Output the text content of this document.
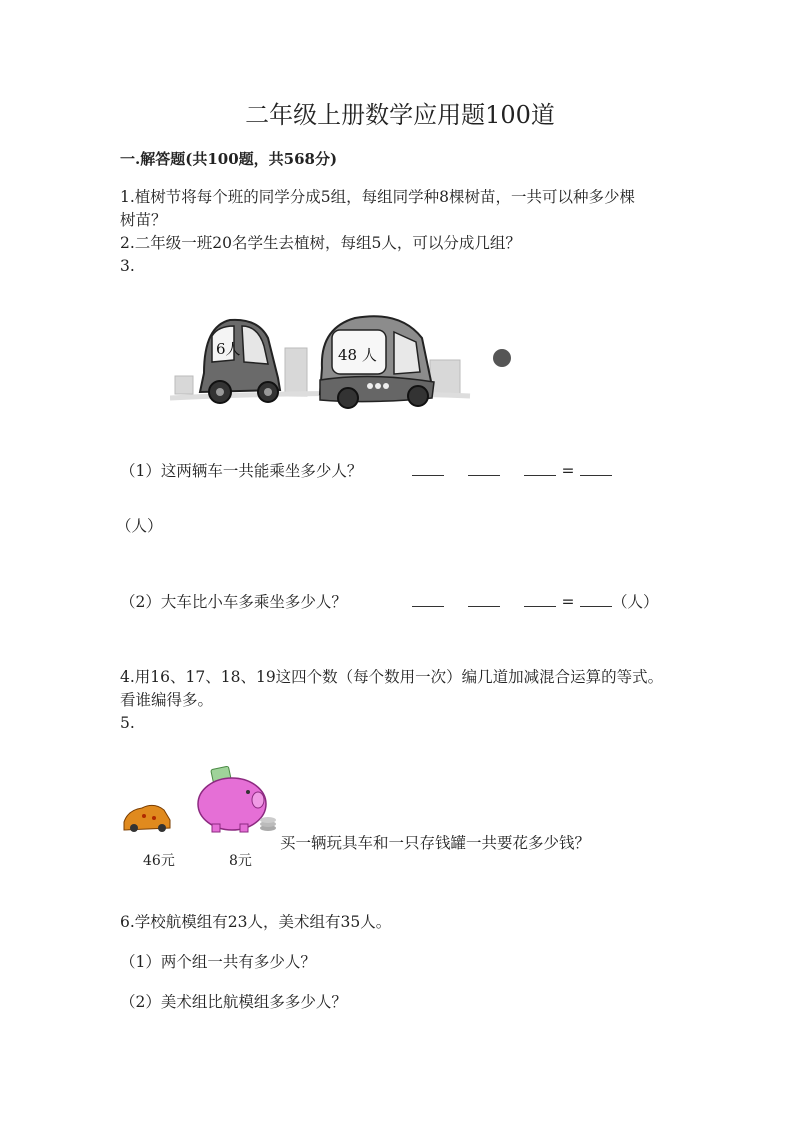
二年级上册数学应用题100道
一.解答题(共100题，共568分)
1.植树节将每个班的同学分成5组，每组同学种8棵树苗，一共可以种多少棵
树苗？
2.二年级一班20名学生去植树，每组5人，可以分成几组？
3.
6人	48 人
（1）这两辆车一共能乘坐多少人？	=
（人）
（2）大车比小车多乘坐多少人？	= （人）
4.用16、17、18、19这四个数（每个数用一次）编几道加减混合运算的等式。
看谁编得多。
5.
46元	8元
买一辆玩具车和一只存钱罐一共要花多少钱？
6.学校航模组有23人，美术组有35人。
（1）两个组一共有多少人？
（2）美术组比航模组多多少人？
